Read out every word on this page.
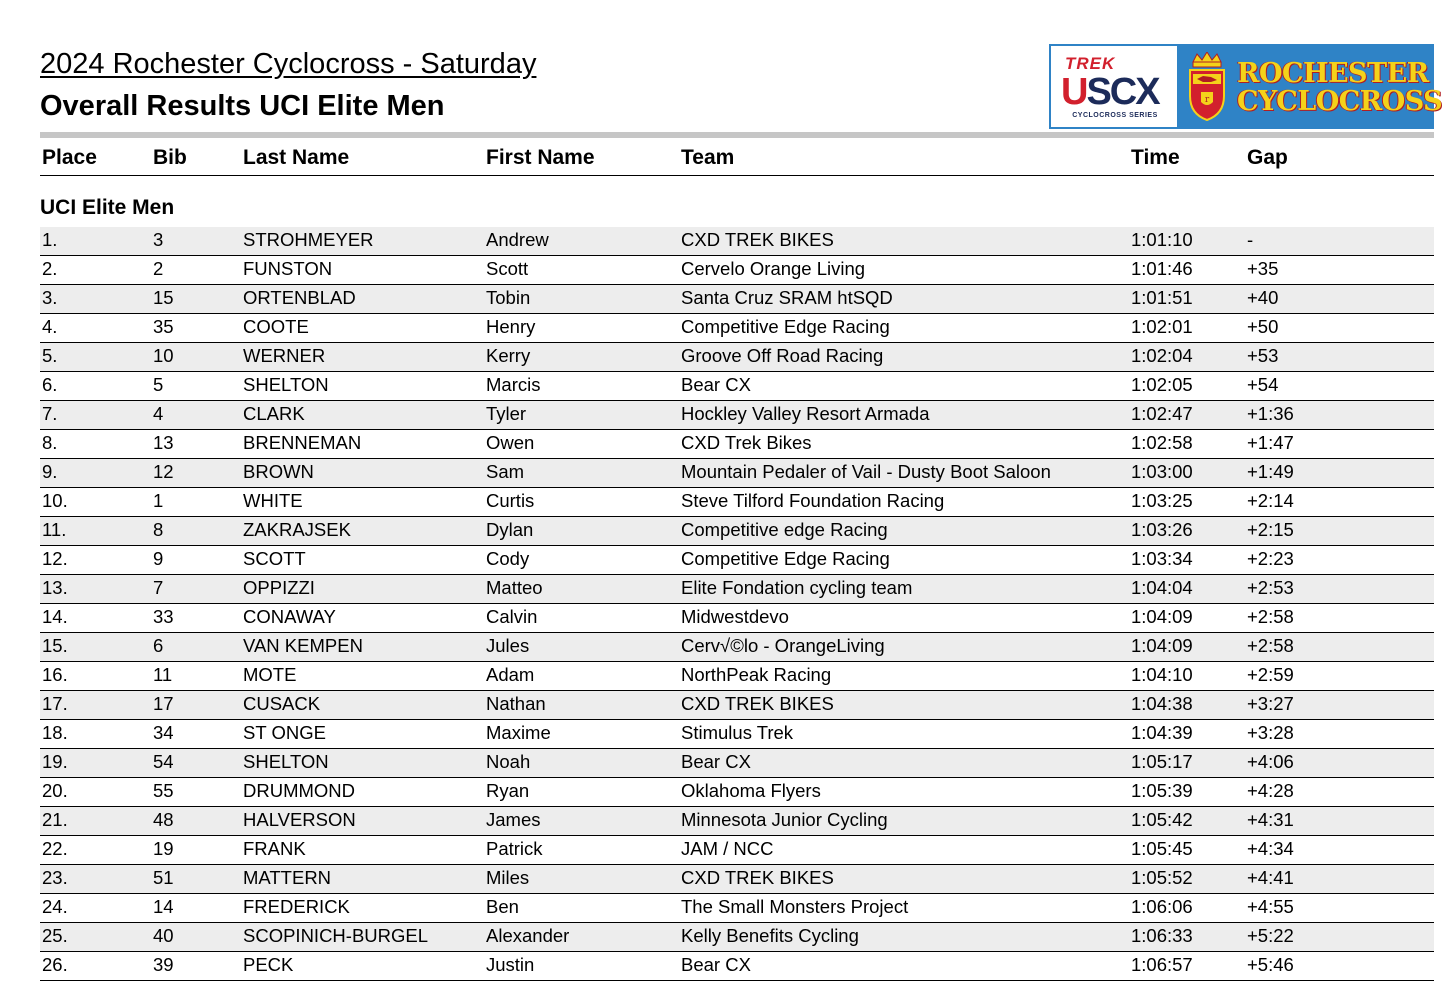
2024 Rochester Cyclocross - Saturday
Overall Results UCI Elite Men
TREK
USCX
CYCLOCROSS SERIES
r
ROCHESTER
CYCLOCROSS
Place	Bib	Last Name	First Name	Team	Time	Gap
UCI Elite Men
1.	3	STROHMEYER	Andrew	CXD TREK BIKES	1:01:10	-
2.	2	FUNSTON	Scott	Cervelo Orange Living	1:01:46	+35
3.	15	ORTENBLAD	Tobin	Santa Cruz SRAM htSQD	1:01:51	+40
4.	35	COOTE	Henry	Competitive Edge Racing	1:02:01	+50
5.	10	WERNER	Kerry	Groove Off Road Racing	1:02:04	+53
6.	5	SHELTON	Marcis	Bear CX	1:02:05	+54
7.	4	CLARK	Tyler	Hockley Valley Resort Armada	1:02:47	+1:36
8.	13	BRENNEMAN	Owen	CXD Trek Bikes	1:02:58	+1:47
9.	12	BROWN	Sam	Mountain Pedaler of Vail - Dusty Boot Saloon	1:03:00	+1:49
10.	1	WHITE	Curtis	Steve Tilford Foundation Racing	1:03:25	+2:14
11.	8	ZAKRAJSEK	Dylan	Competitive edge Racing	1:03:26	+2:15
12.	9	SCOTT	Cody	Competitive Edge Racing	1:03:34	+2:23
13.	7	OPPIZZI	Matteo	Elite Fondation cycling team	1:04:04	+2:53
14.	33	CONAWAY	Calvin	Midwestdevo	1:04:09	+2:58
15.	6	VAN KEMPEN	Jules	Cerv√©lo - OrangeLiving	1:04:09	+2:58
16.	11	MOTE	Adam	NorthPeak Racing	1:04:10	+2:59
17.	17	CUSACK	Nathan	CXD TREK BIKES	1:04:38	+3:27
18.	34	ST ONGE	Maxime	Stimulus Trek	1:04:39	+3:28
19.	54	SHELTON	Noah	Bear CX	1:05:17	+4:06
20.	55	DRUMMOND	Ryan	Oklahoma Flyers	1:05:39	+4:28
21.	48	HALVERSON	James	Minnesota Junior Cycling	1:05:42	+4:31
22.	19	FRANK	Patrick	JAM / NCC	1:05:45	+4:34
23.	51	MATTERN	Miles	CXD TREK BIKES	1:05:52	+4:41
24.	14	FREDERICK	Ben	The Small Monsters Project	1:06:06	+4:55
25.	40	SCOPINICH-BURGEL	Alexander	Kelly Benefits Cycling	1:06:33	+5:22
26.	39	PECK	Justin	Bear CX	1:06:57	+5:46
